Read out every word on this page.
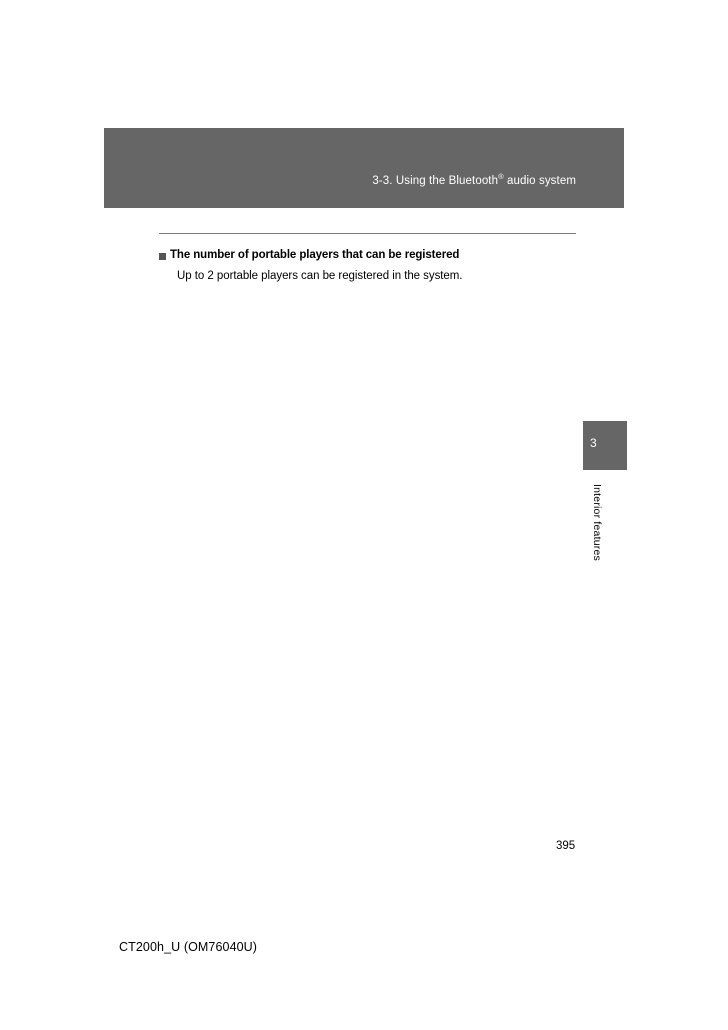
3-3. Using the Bluetooth® audio system
The number of portable players that can be registered
Up to 2 portable players can be registered in the system.
3
Interior features
395
CT200h_U (OM76040U)
